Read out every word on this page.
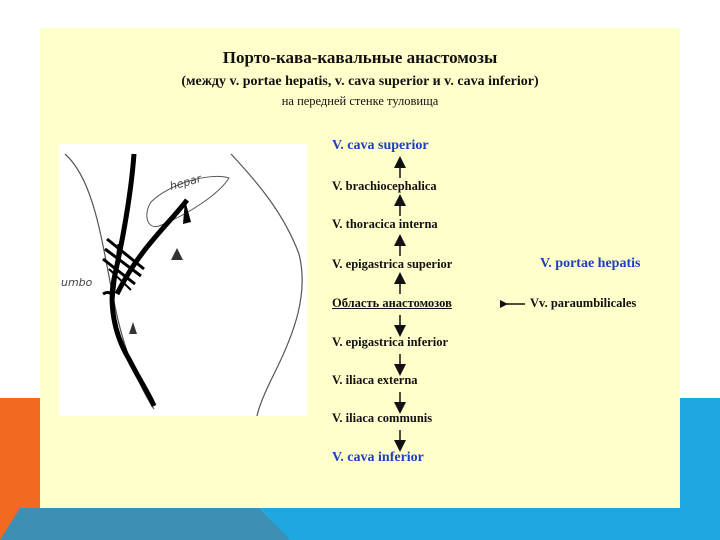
Порто-кава-кавальные анастомозы
(между v. portae hepatis, v. cava superior и v. cava inferior)
на передней стенке туловища
umbo
hepar
V. cava superior
V. brachiocephalica
V. thoracica interna
V. epigastrica superior
Область анастомозов
V. epigastrica inferior
V. iliaca externa
V. iliaca communis
V. cava inferior
V. portae hepatis
Vv. paraumbilicales
